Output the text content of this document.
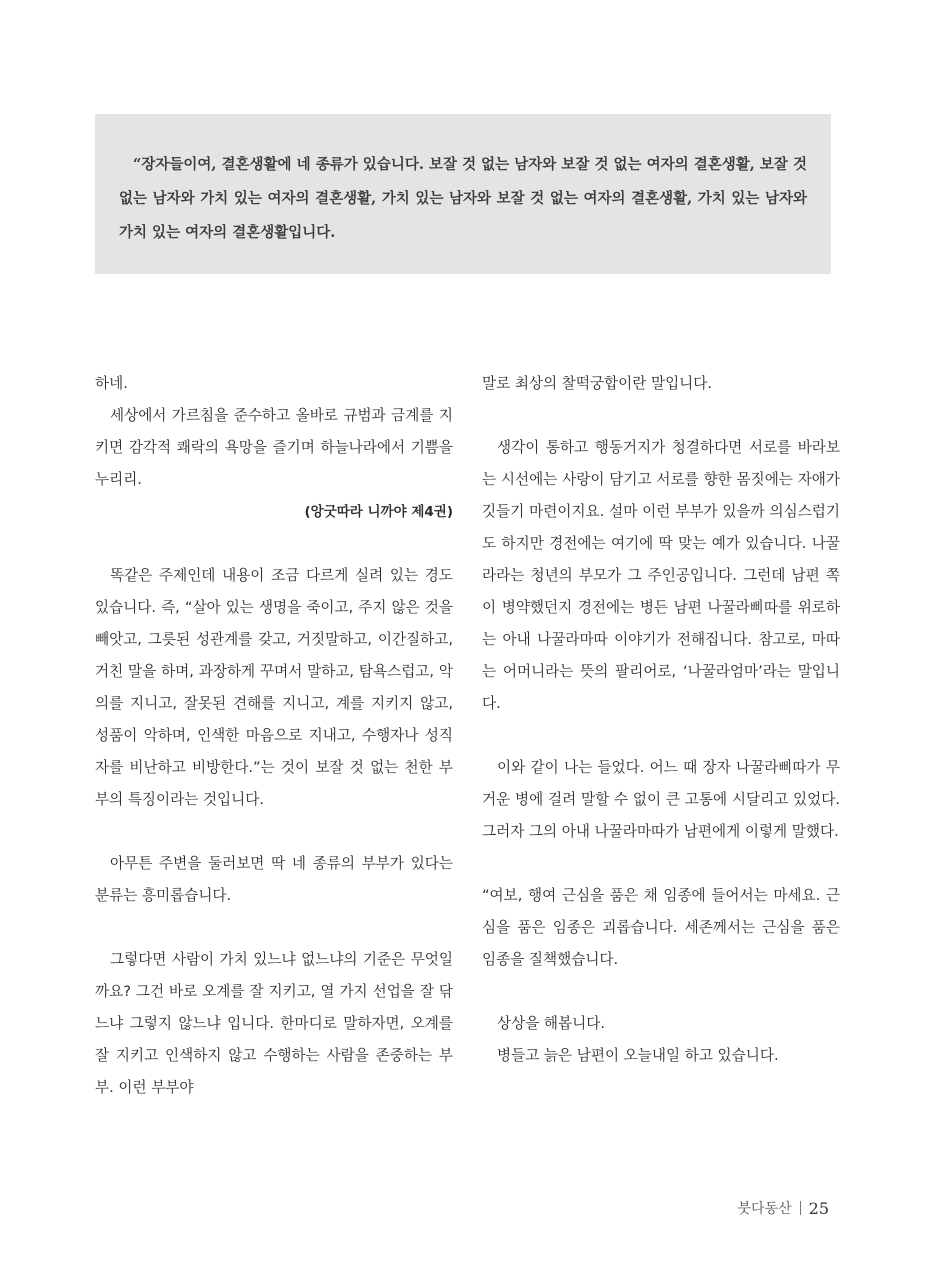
“장자들이여, 결혼생활에 네 종류가 있습니다. 보잘 것 없는 남자와 보잘 것 없는 여자의 결혼생활, 보잘 것 없는 남자와 가치 있는 여자의 결혼생활, 가치 있는 남자와 보잘 것 없는 여자의 결혼생활, 가치 있는 남자와 가치 있는 여자의 결혼생활입니다.

하네.

세상에서 가르침을 준수하고 올바로 규범과 금계를 지키면 감각적 쾌락의 욕망을 즐기며 하늘나라에서 기쁨을 누리리.

(앙굿따라 니까야 제4권)

똑같은 주제인데 내용이 조금 다르게 실려 있는 경도 있습니다. 즉, “살아 있는 생명을 죽이고, 주지 않은 것을 빼앗고, 그릇된 성관계를 갖고, 거짓말하고, 이간질하고, 거친 말을 하며, 과장하게 꾸며서 말하고, 탐욕스럽고, 악의를 지니고, 잘못된 견해를 지니고, 계를 지키지 않고, 성품이 악하며, 인색한 마음으로 지내고, 수행자나 성직자를 비난하고 비방한다.”는 것이 보잘 것 없는 천한 부부의 특징이라는 것입니다.

아무튼 주변을 둘러보면 딱 네 종류의 부부가 있다는 분류는 흥미롭습니다.

그렇다면 사람이 가치 있느냐 없느냐의 기준은 무엇일까요? 그건 바로 오계를 잘 지키고, 열 가지 선업을 잘 닦느냐 그렇지 않느냐 입니다. 한마디로 말하자면, 오계를 잘 지키고 인색하지 않고 수행하는 사람을 존중하는 부부. 이런 부부야

말로 최상의 찰떡궁합이란 말입니다.

생각이 통하고 행동거지가 청결하다면 서로를 바라보는 시선에는 사랑이 담기고 서로를 향한 몸짓에는 자애가 깃들기 마련이지요. 설마 이런 부부가 있을까 의심스럽기도 하지만 경전에는 여기에 딱 맞는 예가 있습니다. 나꿀라라는 청년의 부모가 그 주인공입니다. 그런데 남편 쪽이 병약했던지 경전에는 병든 남편 나꿀라삐따를 위로하는 아내 나꿀라마따 이야기가 전해집니다. 참고로, 마따는 어머니라는 뜻의 팔리어로, ‘나꿀라엄마’라는 말입니다.

이와 같이 나는 들었다. 어느 때 장자 나꿀라삐따가 무거운 병에 걸려 말할 수 없이 큰 고통에 시달리고 있었다. 그러자 그의 아내 나꿀라마따가 남편에게 이렇게 말했다.

“여보, 행여 근심을 품은 채 임종에 들어서는 마세요. 근심을 품은 임종은 괴롭습니다. 세존께서는 근심을 품은 임종을 질책했습니다.

상상을 해봅니다.

병들고 늙은 남편이 오늘내일 하고 있습니다.

붓다동산 25
